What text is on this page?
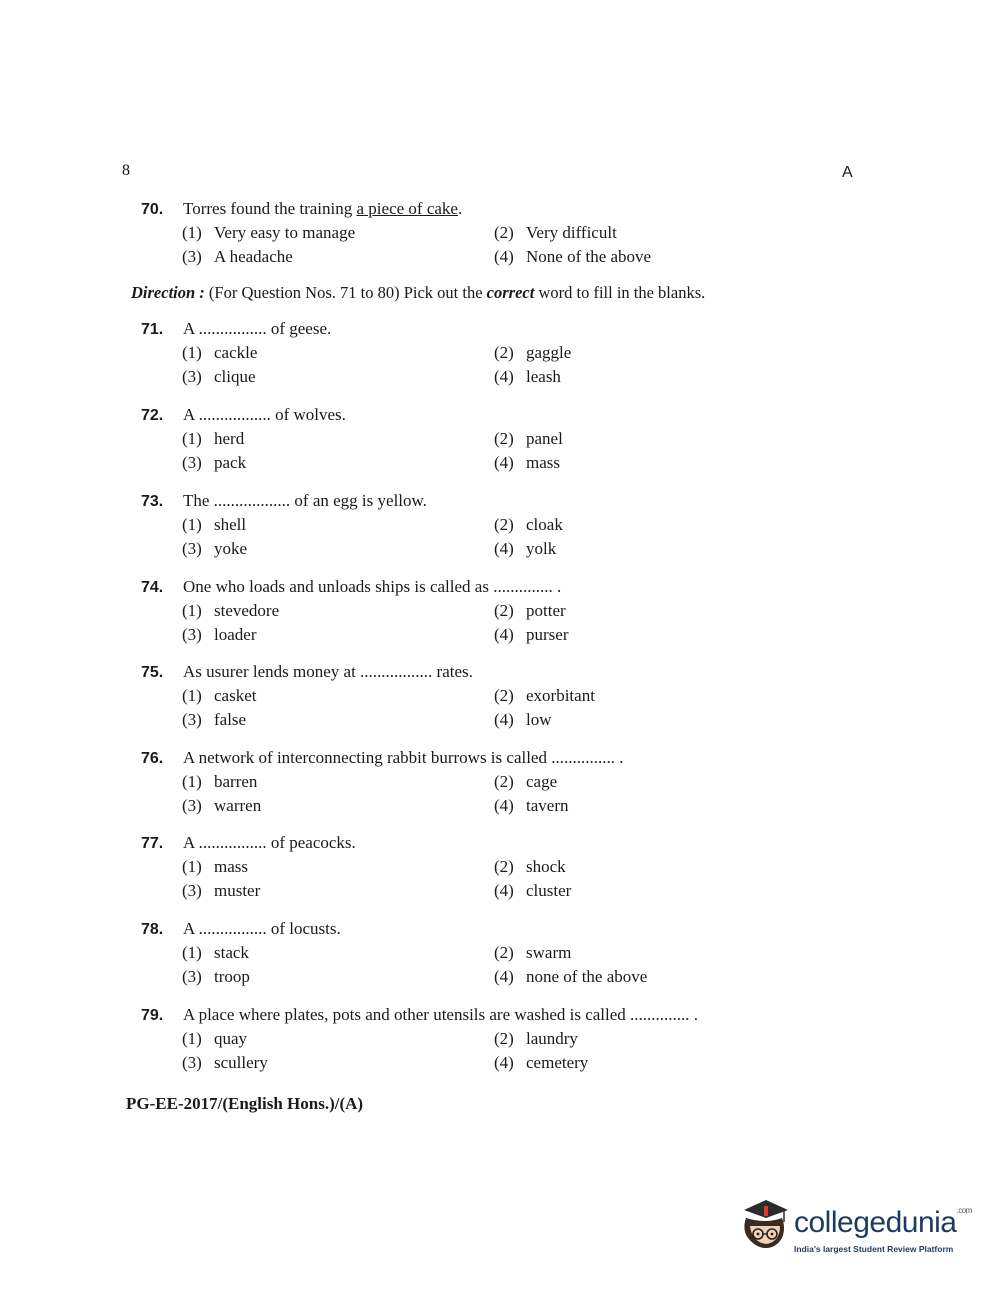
8	A
70. Torres found the training a piece of cake.
(1) Very easy to manage	(2) Very difficult
(3) A headache	(4) None of the above
Direction : (For Question Nos. 71 to 80) Pick out the correct word to fill in the blanks.
71. A ................ of geese.
(1) cackle	(2) gaggle
(3) clique	(4) leash
72. A ................. of wolves.
(1) herd	(2) panel
(3) pack	(4) mass
73. The .................. of an egg is yellow.
(1) shell	(2) cloak
(3) yoke	(4) yolk
74. One who loads and unloads ships is called as .............. .
(1) stevedore	(2) potter
(3) loader	(4) purser
75. As usurer lends money at ................. rates.
(1) casket	(2) exorbitant
(3) false	(4) low
76. A network of interconnecting rabbit burrows is called ............... .
(1) barren	(2) cage
(3) warren	(4) tavern
77. A ................ of peacocks.
(1) mass	(2) shock
(3) muster	(4) cluster
78. A ................ of locusts.
(1) stack	(2) swarm
(3) troop	(4) none of the above
79. A place where plates, pots and other utensils are washed is called .............. .
(1) quay	(2) laundry
(3) scullery	(4) cemetery
PG-EE-2017/(English Hons.)/(A)
collegedunia$^{.com}$
India's largest Student Review Platform
